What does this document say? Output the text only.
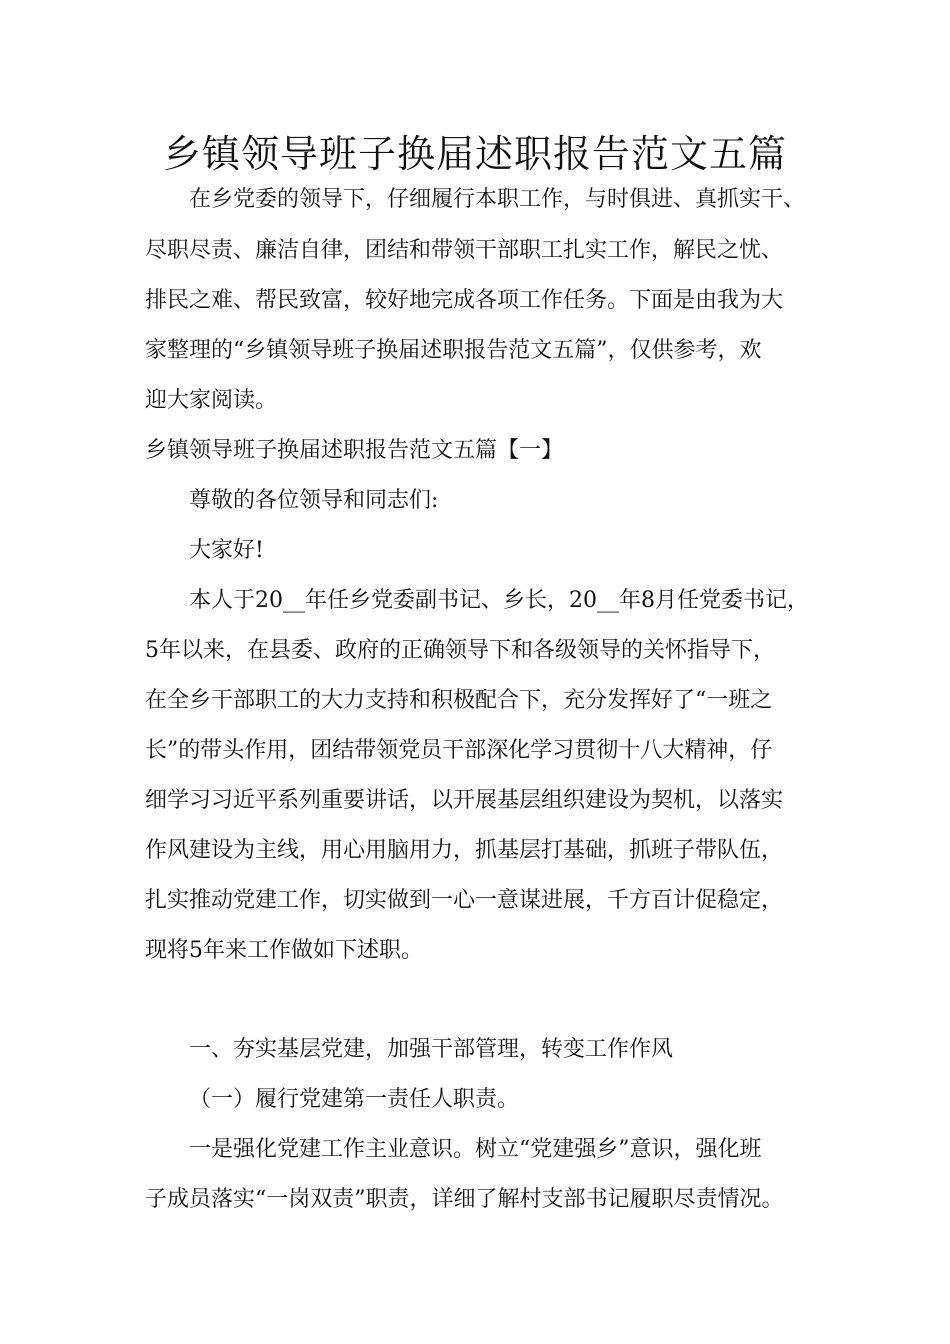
乡镇领导班子换届述职报告范文五篇
在乡党委的领导下，仔细履行本职工作，与时俱进、真抓实干、
尽职尽责、廉洁自律，团结和带领干部职工扎实工作，解民之忧、
排民之难、帮民致富，较好地完成各项工作任务。下面是由我为大
家整理的“乡镇领导班子换届述职报告范文五篇”，仅供参考，欢
迎大家阅读。
乡镇领导班子换届述职报告范文五篇【一】
尊敬的各位领导和同志们:
大家好!
本人于20__年任乡党委副书记、乡长，20__年8月任党委书记，
5年以来，在县委、政府的正确领导下和各级领导的关怀指导下，
在全乡干部职工的大力支持和积极配合下，充分发挥好了“一班之
长”的带头作用，团结带领党员干部深化学习贯彻十八大精神，仔
细学习习近平系列重要讲话，以开展基层组织建设为契机，以落实
作风建设为主线，用心用脑用力，抓基层打基础，抓班子带队伍，
扎实推动党建工作，切实做到一心一意谋进展，千方百计促稳定，
现将5年来工作做如下述职。
一、夯实基层党建，加强干部管理，转变工作作风
（一）履行党建第一责任人职责。
一是强化党建工作主业意识。树立“党建强乡”意识，强化班
子成员落实“一岗双责”职责，详细了解村支部书记履职尽责情况。
